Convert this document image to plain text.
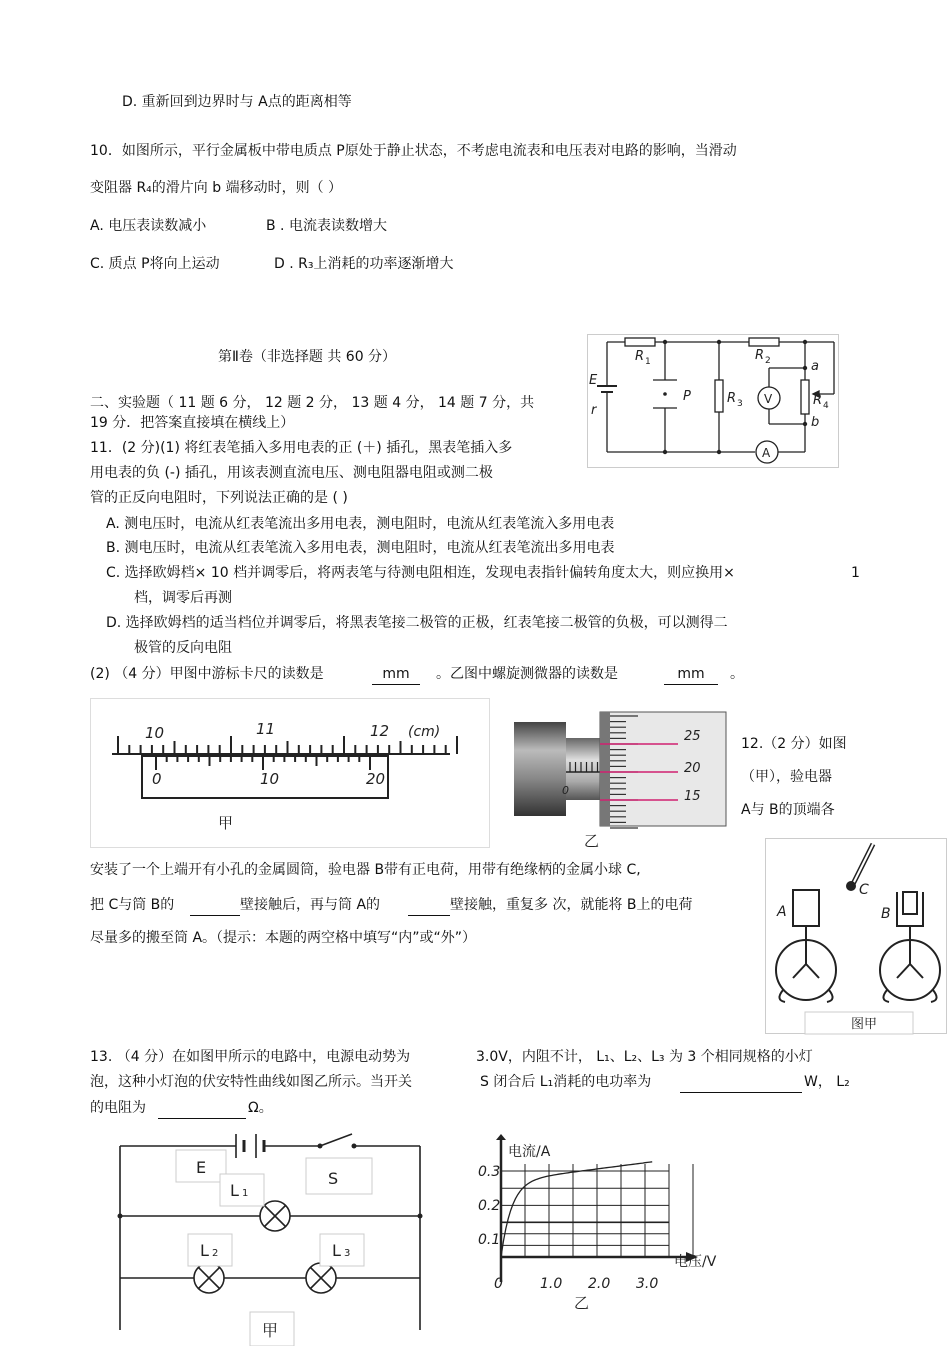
D. 重新回到边界时与 A点的距离相等
10．如图所示，平行金属板中带电质点 P原处于静止状态，不考虑电流表和电压表对电路的影响，当滑动
变阻器 R₄的滑片向 b 端移动时，则（ ）
A. 电压表读数减小	B . 电流表读数增大
C. 质点 P将向上运动	D . R₃上消耗的功率逐渐增大
E
r
R 1	R 2
R 3	R 4
P
a
b
V
A
第Ⅱ卷（非选择题 共 60 分）
二、实验题（ 11 题 6 分， 12 题 2 分， 13 题 4 分， 14 题 7 分，共
19 分．把答案直接填在横线上）
11．(2 分)(1) 将红表笔插入多用电表的正 (＋) 插孔，黑表笔插入多
用电表的负 (-) 插孔，用该表测直流电压、测电阻器电阻或测二极
管的正反向电阻时，下列说法正确的是 ( )
A. 测电压时，电流从红表笔流出多用电表，测电阻时，电流从红表笔流入多用电表
B. 测电压时，电流从红表笔流入多用电表，测电阻时，电流从红表笔流出多用电表
C. 选择欧姆档× 10 档并调零后，将两表笔与待测电阻相连，发现电表指针偏转角度太大，则应换用×	1
档，调零后再测
D. 选择欧姆档的适当档位并调零后，将黑表笔接二极管的正极，红表笔接二极管的负极，可以测得二
极管的反向电阻
(2) （4 分）甲图中游标卡尺的读数是	mm	。乙图中螺旋测微器的读数是	mm	。
10	11	12 (cm)
0	10	20
甲
25
20
15
0
乙
12.（2 分）如图
（甲），验电器
A与 B的顶端各
安装了一个上端开有小孔的金属圆筒，验电器 B带有正电荷，用带有绝缘柄的金属小球 C,
把 C与筒 B的
	壁接触后，再与筒 A的
	壁接触，重复多 次，就能将 B上的电荷
尽量多的搬至筒 A。（提示：本题的两空格中填写“内”或“外”）
A	B
C
图甲
13. （4 分）在如图甲所示的电路中，电源电动势为	3.0V，内阻不计， L₁、L₂、L₃ 为 3 个相同规格的小灯
泡，这种小灯泡的伏安特性曲线如图乙所示。当开关	S 闭合后 L₁消耗的电功率为
	W， L₂
的电阻为
	Ω。
E
L 1
S
L 2	L 3
甲
电流/A
电压/V
0.3
0.2
0.1
0	1.0 2.0 3.0
乙
